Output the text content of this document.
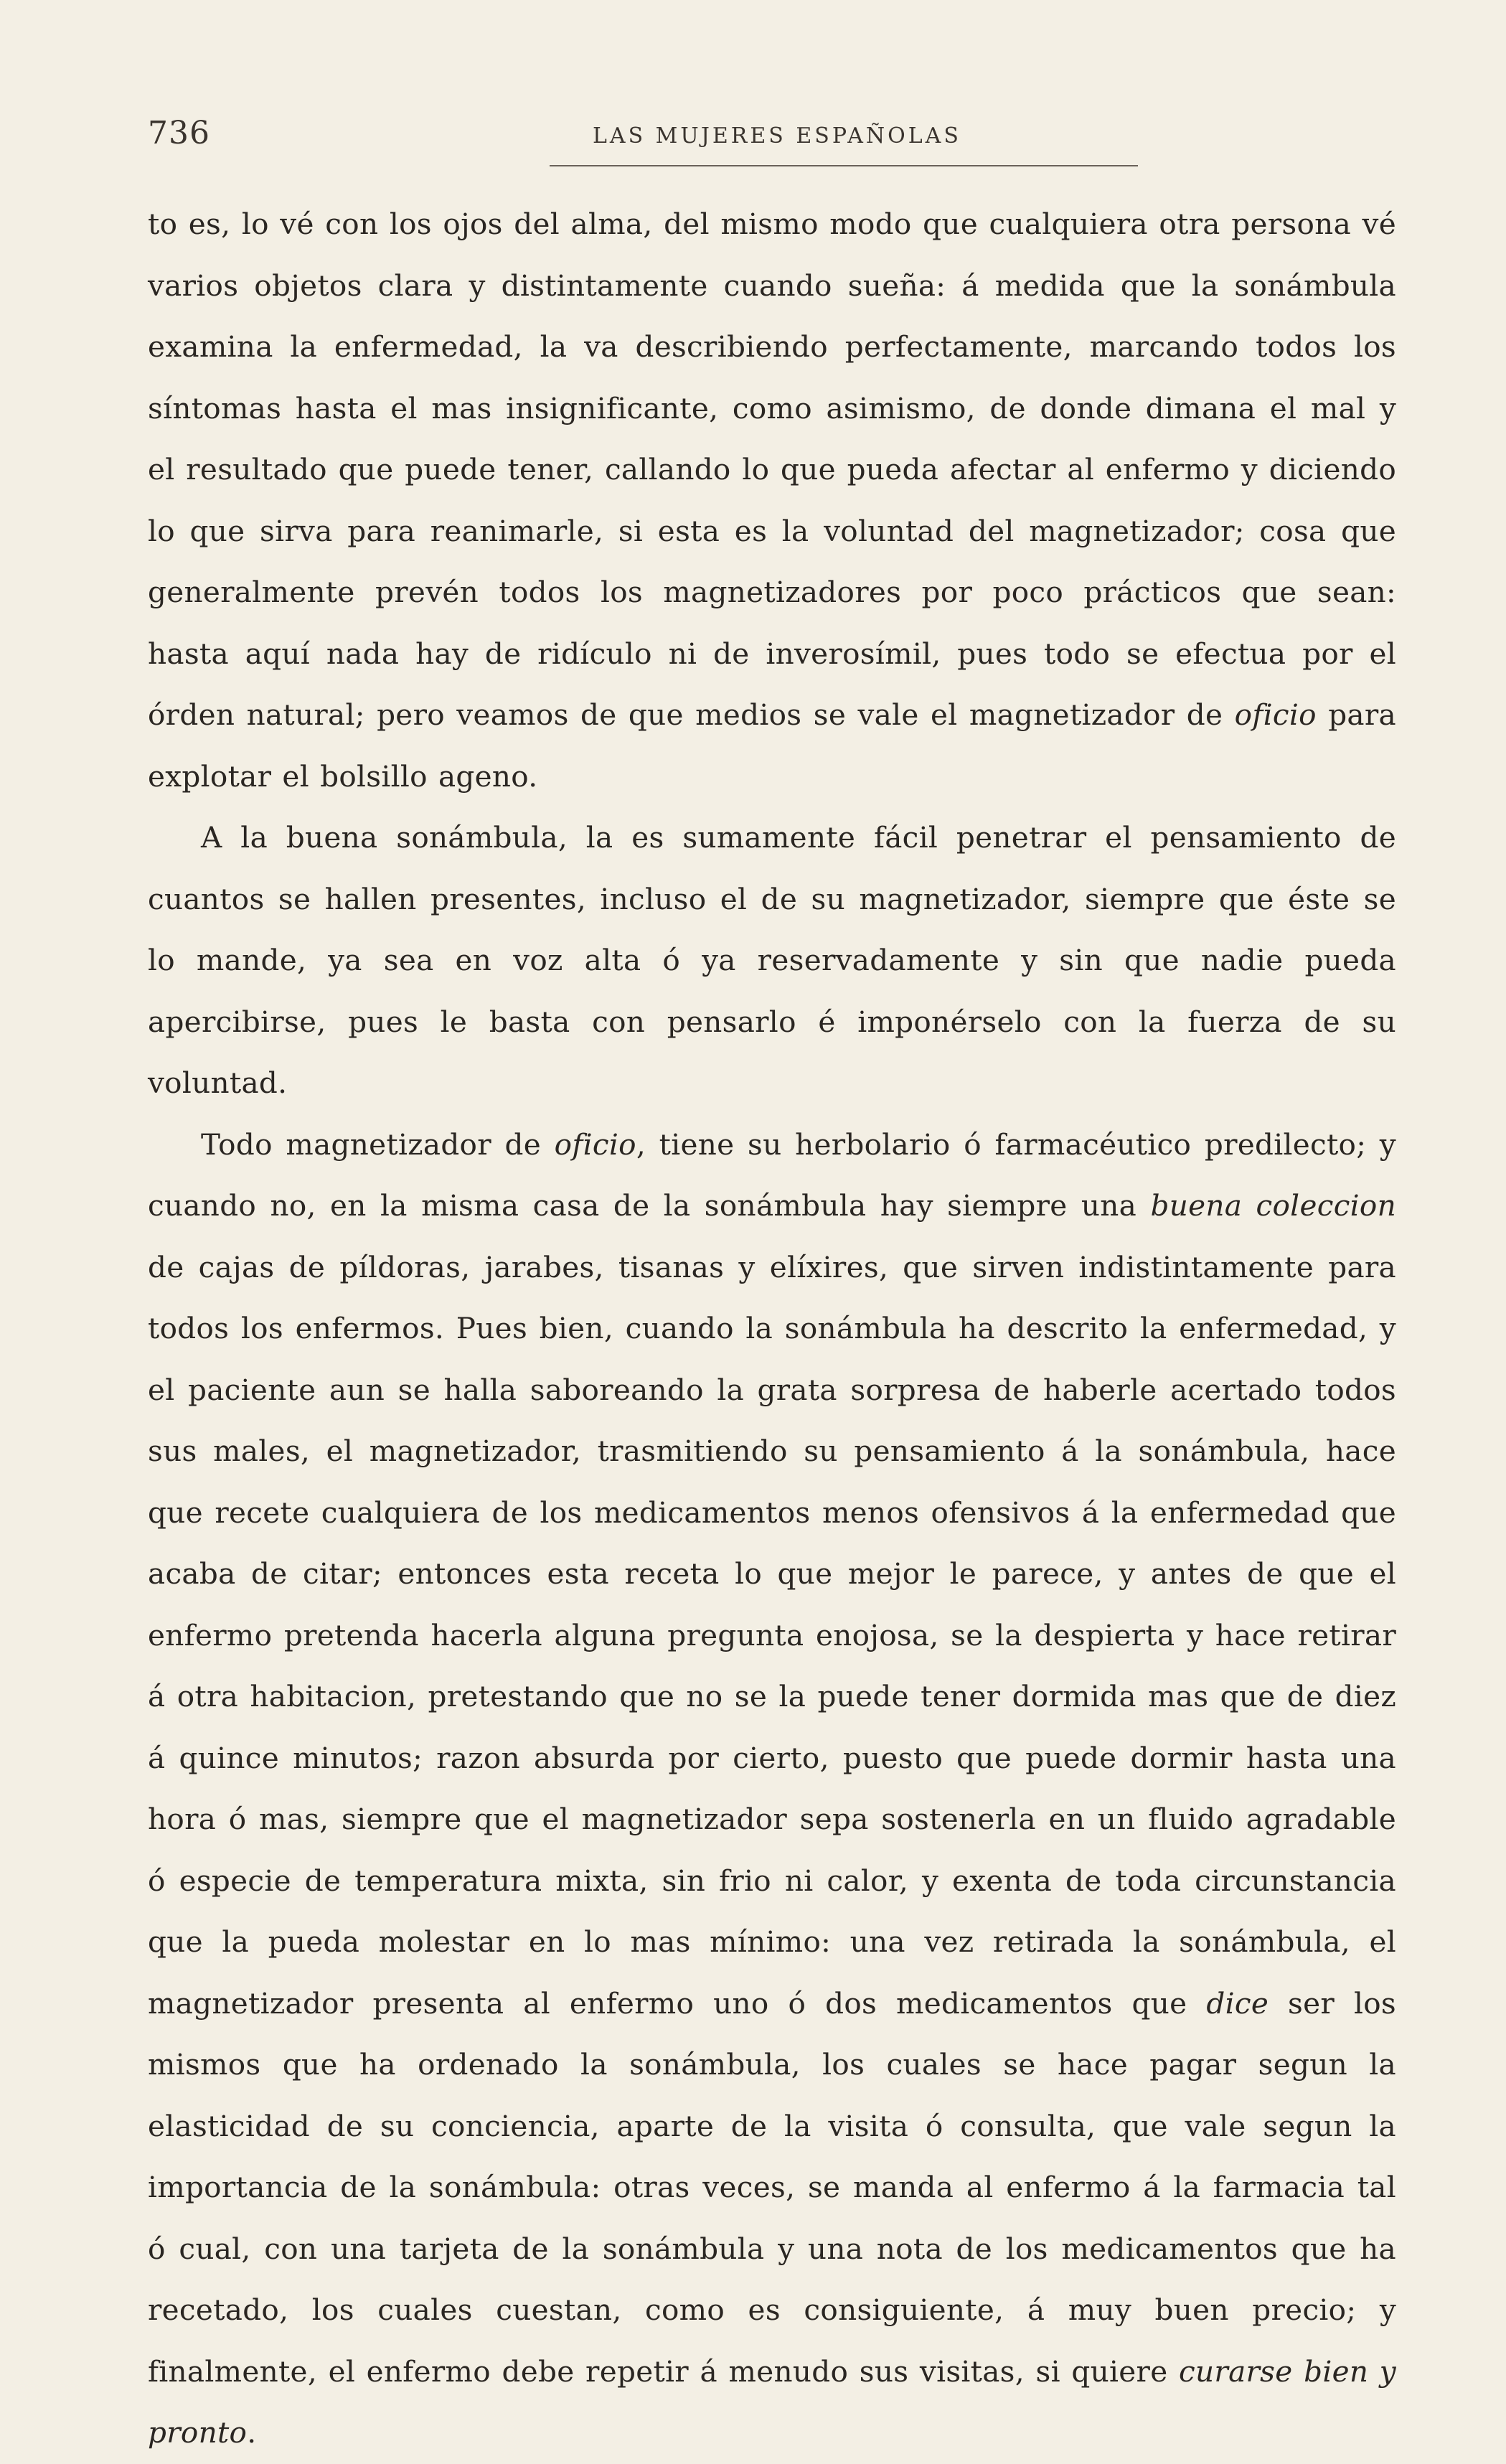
736	LAS MUJERES ESPAÑOLAS

to es, lo vé con los ojos del alma, del mismo modo que cualquiera otra persona vé varios objetos clara y distintamente cuando sueña: á medida que la sonámbula examina la enfermedad, la va describiendo perfectamente, marcando todos los síntomas hasta el mas insignificante, como asimismo, de donde dimana el mal y el resultado que puede tener, callando lo que pueda afectar al enfermo y diciendo lo que sirva para reanimarle, si esta es la voluntad del magnetizador; cosa que generalmente prevén todos los magnetizadores por poco prácticos que sean: hasta aquí nada hay de ridículo ni de inverosímil, pues todo se efectua por el órden natural; pero veamos de que medios se vale el magnetizador de oficio para explotar el bolsillo ageno.

A la buena sonámbula, la es sumamente fácil penetrar el pensamiento de cuantos se hallen presentes, incluso el de su magnetizador, siempre que éste se lo mande, ya sea en voz alta ó ya reservadamente y sin que nadie pueda apercibirse, pues le basta con pensarlo é imponérselo con la fuerza de su voluntad.

Todo magnetizador de oficio, tiene su herbolario ó farmacéutico predilecto; y cuando no, en la misma casa de la sonámbula hay siempre una buena coleccion de cajas de píldoras, jarabes, tisanas y elíxires, que sirven indistintamente para todos los enfermos. Pues bien, cuando la sonámbula ha descrito la enfermedad, y el paciente aun se halla saboreando la grata sorpresa de haberle acertado todos sus males, el magnetizador, trasmitiendo su pensamiento á la sonámbula, hace que recete cualquiera de los medicamentos menos ofensivos á la enfermedad que acaba de citar; entonces esta receta lo que mejor le parece, y antes de que el enfermo pretenda hacerla alguna pregunta enojosa, se la despierta y hace retirar á otra habitacion, pretestando que no se la puede tener dormida mas que de diez á quince minutos; razon absurda por cierto, puesto que puede dormir hasta una hora ó mas, siempre que el magnetizador sepa sostenerla en un fluido agradable ó especie de temperatura mixta, sin frio ni calor, y exenta de toda circunstancia que la pueda molestar en lo mas mínimo: una vez retirada la sonámbula, el magnetizador presenta al enfermo uno ó dos medicamentos que dice ser los mismos que ha ordenado la sonámbula, los cuales se hace pagar segun la elasticidad de su conciencia, aparte de la visita ó consulta, que vale segun la importancia de la sonámbula: otras veces, se manda al enfermo á la farmacia tal ó cual, con una tarjeta de la sonámbula y una nota de los medicamentos que ha recetado, los cuales cuestan, como es consiguiente, á muy buen precio; y finalmente, el enfermo debe repetir á menudo sus visitas, si quiere curarse bien y pronto.
